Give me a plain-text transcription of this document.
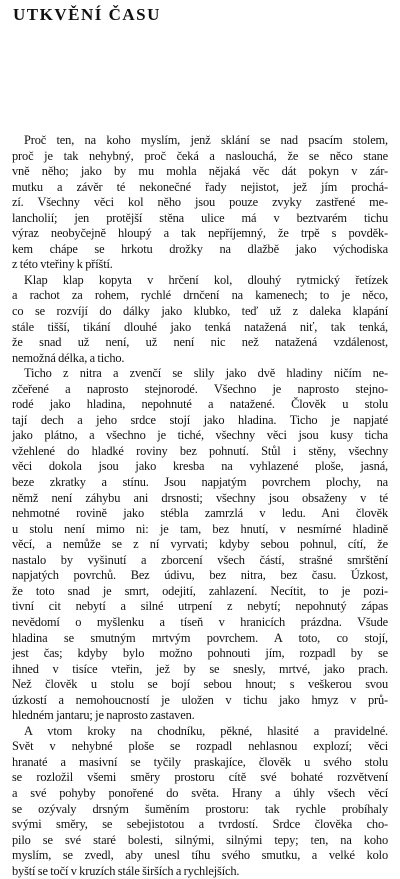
UTKVĚNÍ ČASU
Proč ten, na koho myslím, jenž sklání se nad psacím stolem,
proč je tak nehybný, proč čeká a naslouchá, že se něco stane
vně něho; jako by mu mohla nějaká věc dát pokyn v zár-
mutku a závěr té nekonečné řady nejistot, jež jím prochá-
zí. Všechny věci kol něho jsou pouze zvyky zastřené me-
lancholií; jen protější stěna ulice má v beztvarém tichu
výraz neobyčejně hloupý a tak nepříjemný, že trpě s povděk-
kem chápe se hrkotu drožky na dlažbě jako východiska
z této vteřiny k příští.
Klap klap kopyta v hrčení kol, dlouhý rytmický řetízek
a rachot za rohem, rychlé drnčení na kamenech; to je něco,
co se rozvíjí do dálky jako klubko, teď už z daleka klapání
stále tišší, tikání dlouhé jako tenká natažená niť, tak tenká,
že snad už není, už není nic než natažená vzdálenost,
nemožná délka, a ticho.
Ticho z nitra a zvenčí se slily jako dvě hladiny ničím ne-
zčeřené a naprosto stejnorodé. Všechno je naprosto stejno-
rodé jako hladina, nepohnuté a natažené. Člověk u stolu
tají dech a jeho srdce stojí jako hladina. Ticho je napjaté
jako plátno, a všechno je tiché, všechny věci jsou kusy ticha
vžehlené do hladké roviny bez pohnutí. Stůl i stěny, všechny
věci dokola jsou jako kresba na vyhlazené ploše, jasná,
beze zkratky a stínu. Jsou napjatým povrchem plochy, na
němž není záhybu ani drsnosti; všechny jsou obsaženy v té
nehmotné rovině jako stébla zamrzlá v ledu. Ani člověk
u stolu není mimo ni: je tam, bez hnutí, v nesmírné hladině
věcí, a nemůže se z ní vyrvati; kdyby sebou pohnul, cítí, že
nastalo by vyšinutí a zborcení všech částí, strašné smrštění
napjatých povrchů. Bez údivu, bez nitra, bez času. Úzkost,
že toto snad je smrt, odejití, zahlazení. Necítit, to je pozi-
tivní cit nebytí a silné utrpení z nebytí; nepohnutý zápas
nevědomí o myšlenku a tíseň v hranicích prázdna. Všude
hladina se smutným mrtvým povrchem. A toto, co stojí,
jest čas; kdyby bylo možno pohnouti jím, rozpadl by se
ihned v tisíce vteřin, jež by se snesly, mrtvé, jako prach.
Než člověk u stolu se bojí sebou hnout; s veškerou svou
úzkostí a nemohoucností je uložen v tichu jako hmyz v prů-
hledném jantaru; je naprosto zastaven.
A vtom kroky na chodníku, pěkné, hlasité a pravidelné.
Svět v nehybné ploše se rozpadl nehlasnou explozí; věci
hranaté a masivní se tyčily praskajíce, člověk u svého stolu
se rozložil všemi směry prostoru cítě své bohaté rozvětvení
a své pohyby ponořené do světa. Hrany a úhly všech věcí
se ozývaly drsným šuměním prostoru: tak rychle probíhaly
svými směry, se sebejistotou a tvrdostí. Srdce člověka cho-
pilo se své staré bolesti, silnými, silnými tepy; ten, na koho
myslím, se zvedl, aby unesl tíhu svého smutku, a velké kolo
byští se točí v kruzích stále širších a rychlejších.
